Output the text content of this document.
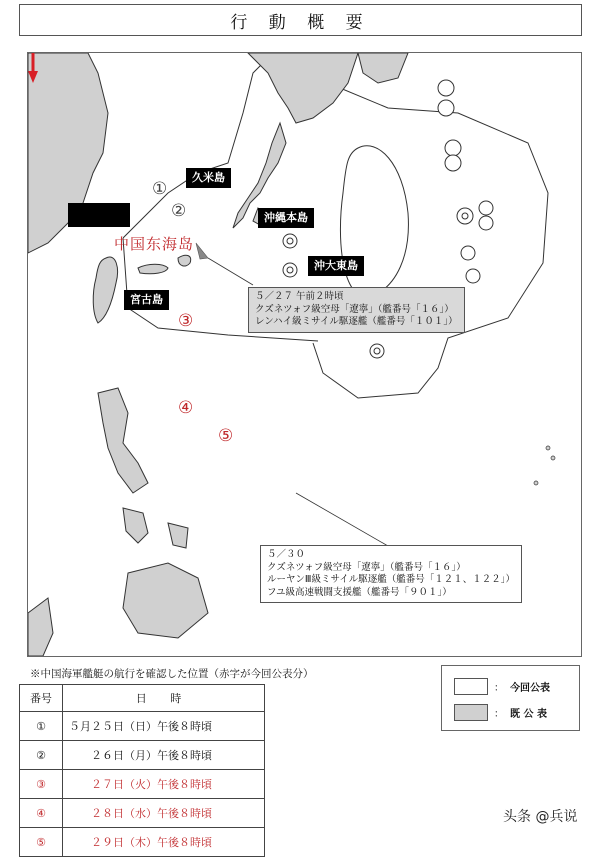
行 動 概 要
久米島
沖縄本島
沖大東島
宮古島
中国东海岛
①
②
③
④
⑤
５／２７ 午前２時頃
クズネツォフ級空母「遼寧」（艦番号「１６」）
レンハイ級ミサイル駆逐艦（艦番号「１０１」）
５／３０
クズネツォフ級空母「遼寧」（艦番号「１６」）
ルーヤンⅢ級ミサイル駆逐艦（艦番号「１２１、１２２」）
フユ級高速戦闘支援艦（艦番号「９０１」）
※中国海軍艦艇の航行を確認した位置（赤字が今回公表分）
番号	日 時
①	５月２５日（日）午後８時頃
②	　　２６日（月）午後８時頃
③	　　２７日（火）午後８時頃
④	　　２８日（水）午後８時頃
⑤	　　２９日（木）午後８時頃
： 今回公表
： 既 公 表
头条 @兵说
